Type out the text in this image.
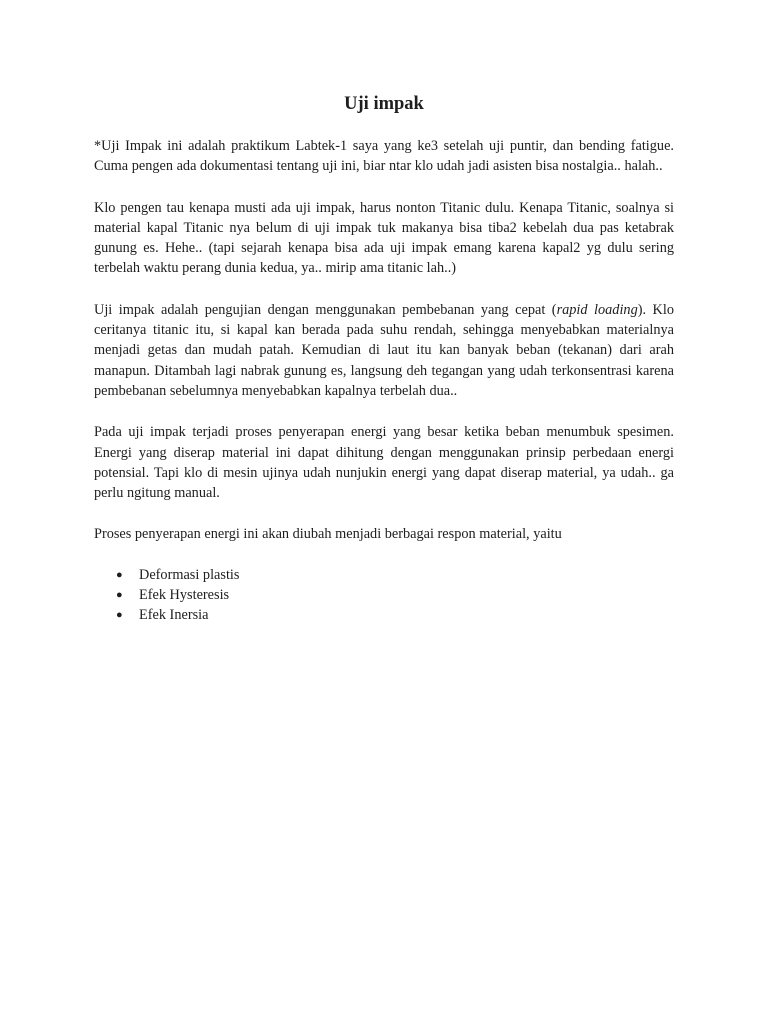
Uji impak

*Uji Impak ini adalah praktikum Labtek-1 saya yang ke3 setelah uji puntir, dan bending fatigue. Cuma pengen ada dokumentasi tentang uji ini, biar ntar klo udah jadi asisten bisa nostalgia.. halah..

Klo pengen tau kenapa musti ada uji impak, harus nonton Titanic dulu. Kenapa Titanic, soalnya si material kapal Titanic nya belum di uji impak tuk makanya bisa tiba2 kebelah dua pas ketabrak gunung es. Hehe.. (tapi sejarah kenapa bisa ada uji impak emang karena kapal2 yg dulu sering terbelah waktu perang dunia kedua, ya.. mirip ama titanic lah..)

Uji impak adalah pengujian dengan menggunakan pembebanan yang cepat (rapid loading). Klo ceritanya titanic itu, si kapal kan berada pada suhu rendah, sehingga menyebabkan materialnya menjadi getas dan mudah patah. Kemudian di laut itu kan banyak beban (tekanan) dari arah manapun. Ditambah lagi nabrak gunung es, langsung deh tegangan yang udah terkonsentrasi karena pembebanan sebelumnya menyebabkan kapalnya terbelah dua..

Pada uji impak terjadi proses penyerapan energi yang besar ketika beban menumbuk spesimen. Energi yang diserap material ini dapat dihitung dengan menggunakan prinsip perbedaan energi potensial. Tapi klo di mesin ujinya udah nunjukin energi yang dapat diserap material, ya udah.. ga perlu ngitung manual.

Proses penyerapan energi ini akan diubah menjadi berbagai respon material, yaitu

● Deformasi plastis
● Efek Hysteresis
● Efek Inersia
